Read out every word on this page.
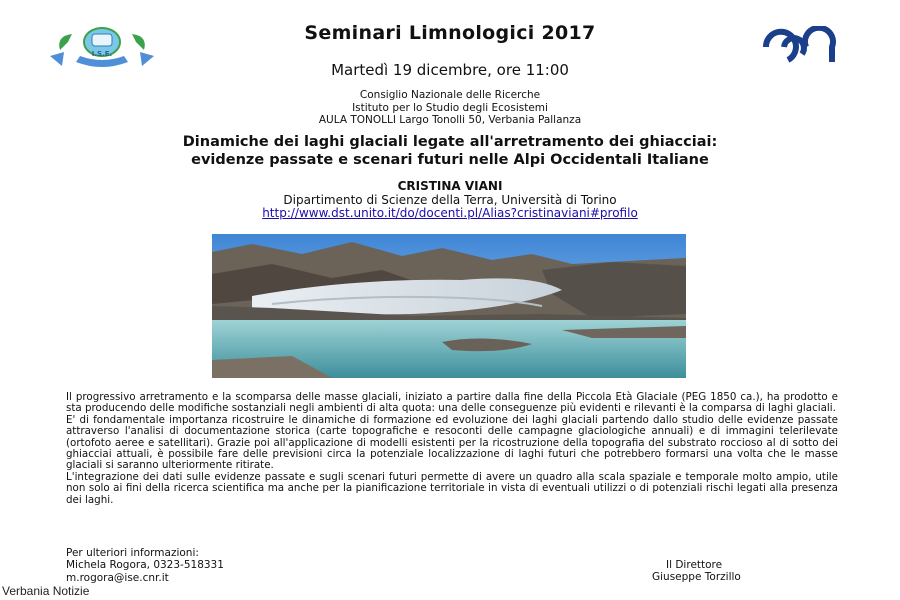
I.S.E.
Seminari Limnologici 2017
Martedì 19 dicembre, ore 11:00
Consiglio Nazionale delle Ricerche
Istituto per lo Studio degli Ecosistemi
AULA TONOLLI Largo Tonolli 50, Verbania Pallanza
Dinamiche dei laghi glaciali legate all'arretramento dei ghiacciai:
evidenze passate e scenari futuri nelle Alpi Occidentali Italiane
CRISTINA VIANI
Dipartimento di Scienze della Terra, Università di Torino
http://www.dst.unito.it/do/docenti.pl/Alias?cristinaviani#profilo

Il progressivo arretramento e la scomparsa delle masse glaciali, iniziato a partire dalla fine della Piccola Età Glaciale (PEG 1850 ca.), ha prodotto e sta producendo delle modifiche sostanziali negli ambienti di alta quota: una delle conseguenze più evidenti e rilevanti è la comparsa di laghi glaciali.

E' di fondamentale importanza ricostruire le dinamiche di formazione ed evoluzione dei laghi glaciali partendo dallo studio delle evidenze passate attraverso l'analisi di documentazione storica (carte topografiche e resoconti delle campagne glaciologiche annuali) e di immagini telerilevate (ortofoto aeree e satellitari). Grazie poi all'applicazione di modelli esistenti per la ricostruzione della topografia del substrato roccioso al di sotto dei ghiacciai attuali, è possibile fare delle previsioni circa la potenziale localizzazione di laghi futuri che potrebbero formarsi una volta che le masse glaciali si saranno ulteriormente ritirate.

L'integrazione dei dati sulle evidenze passate e sugli scenari futuri permette di avere un quadro alla scala spaziale e temporale molto ampio, utile non solo ai fini della ricerca scientifica ma anche per la pianificazione territoriale in vista di eventuali utilizzi o di potenziali rischi legati alla presenza dei laghi.

Per ulteriori informazioni:
Michela Rogora, 0323-518331
m.rogora@ise.cnr.it
Il Direttore
Giuseppe Torzillo
Verbania Notizie
